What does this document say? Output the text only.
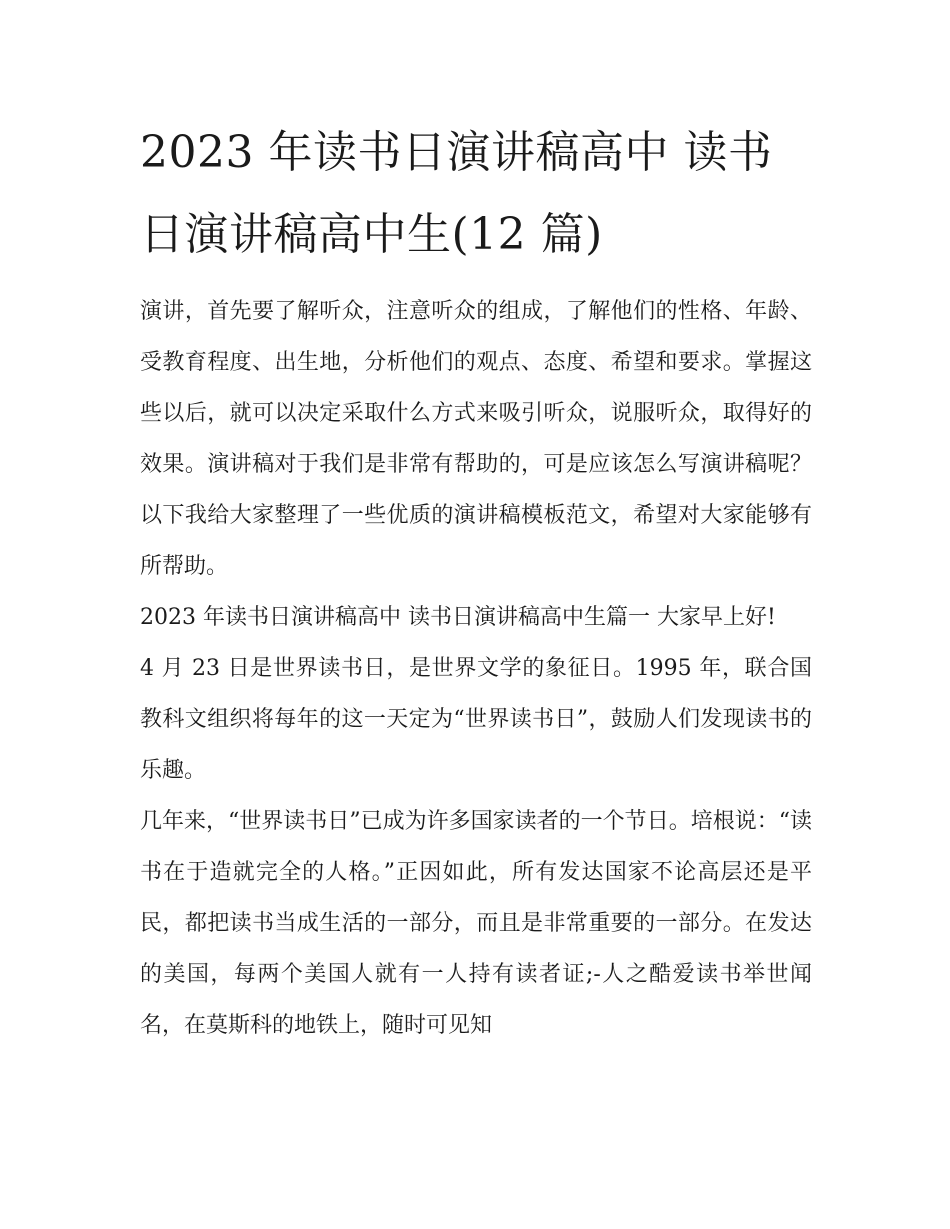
2023 年读书日演讲稿高中 读书日演讲稿高中生(12 篇)

演讲，首先要了解听众，注意听众的组成，了解他们的性格、年龄、受教育程度、出生地，分析他们的观点、态度、希望和要求。掌握这些以后，就可以决定采取什么方式来吸引听众，说服听众，取得好的效果。演讲稿对于我们是非常有帮助的，可是应该怎么写演讲稿呢？以下我给大家整理了一些优质的演讲稿模板范文，希望对大家能够有所帮助。

2023 年读书日演讲稿高中 读书日演讲稿高中生篇一 大家早上好!

4 月 23 日是世界读书日，是世界文学的象征日。1995 年，联合国教科文组织将每年的这一天定为“世界读书日”，鼓励人们发现读书的乐趣。

几年来，“世界读书日”已成为许多国家读者的一个节日。培根说：“读书在于造就完全的人格。”正因如此，所有发达国家不论高层还是平民，都把读书当成生活的一部分，而且是非常重要的一部分。在发达的美国，每两个美国人就有一人持有读者证;-人之酷爱读书举世闻名，在莫斯科的地铁上，随时可见知
